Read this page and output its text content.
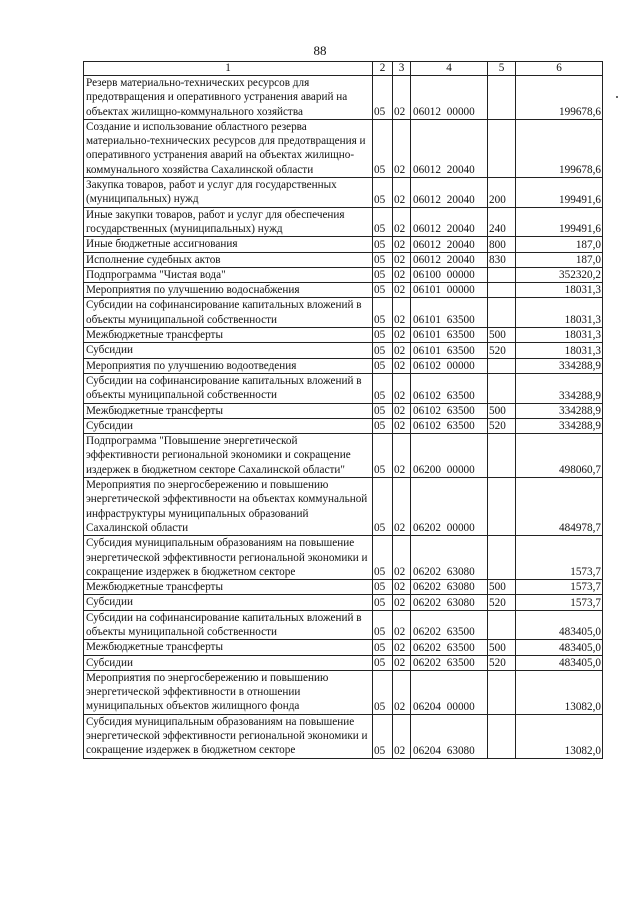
88
1	2	3	4	5	6
Резерв материально-технических ресурсов для предотвращения и оперативного устранения аварий на объектах жилищно-коммунального хозяйства	05	02	06012 00000		199678,6
Создание и использование областного резерва материально-технических ресурсов для предотвращения и оперативного устранения аварий на объектах жилищно-коммунального хозяйства Сахалинской области	05	02	06012 20040		199678,6
Закупка товаров, работ и услуг для государственных (муниципальных) нужд	05	02	06012 20040	200	199491,6
Иные закупки товаров, работ и услуг для обеспечения государственных (муниципальных) нужд	05	02	06012 20040	240	199491,6
Иные бюджетные ассигнования	05	02	06012 20040	800	187,0
Исполнение судебных актов	05	02	06012 20040	830	187,0
Подпрограмма "Чистая вода"	05	02	06100 00000		352320,2
Мероприятия по улучшению водоснабжения	05	02	06101 00000		18031,3
Субсидии на софинансирование капитальных вложений в объекты муниципальной собственности	05	02	06101 63500		18031,3
Межбюджетные трансферты	05	02	06101 63500	500	18031,3
Субсидии	05	02	06101 63500	520	18031,3
Мероприятия по улучшению водоотведения	05	02	06102 00000		334288,9
Субсидии на софинансирование капитальных вложений в объекты муниципальной собственности	05	02	06102 63500		334288,9
Межбюджетные трансферты	05	02	06102 63500	500	334288,9
Субсидии	05	02	06102 63500	520	334288,9
Подпрограмма "Повышение энергетической эффективности региональной экономики и сокращение издержек в бюджетном секторе Сахалинской области"	05	02	06200 00000		498060,7
Мероприятия по энергосбережению и повышению энергетической эффективности на объектах коммунальной инфраструктуры муниципальных образований Сахалинской области	05	02	06202 00000		484978,7
Субсидия муниципальным образованиям на повышение энергетической эффективности региональной экономики и сокращение издержек в бюджетном секторе	05	02	06202 63080		1573,7
Межбюджетные трансферты	05	02	06202 63080	500	1573,7
Субсидии	05	02	06202 63080	520	1573,7
Субсидии на софинансирование капитальных вложений в объекты муниципальной собственности	05	02	06202 63500		483405,0
Межбюджетные трансферты	05	02	06202 63500	500	483405,0
Субсидии	05	02	06202 63500	520	483405,0
Мероприятия по энергосбережению и повышению энергетической эффективности в отношении муниципальных объектов жилищного фонда	05	02	06204 00000		13082,0
Субсидия муниципальным образованиям на повышение энергетической эффективности региональной экономики и сокращение издержек в бюджетном секторе	05	02	06204 63080		13082,0
